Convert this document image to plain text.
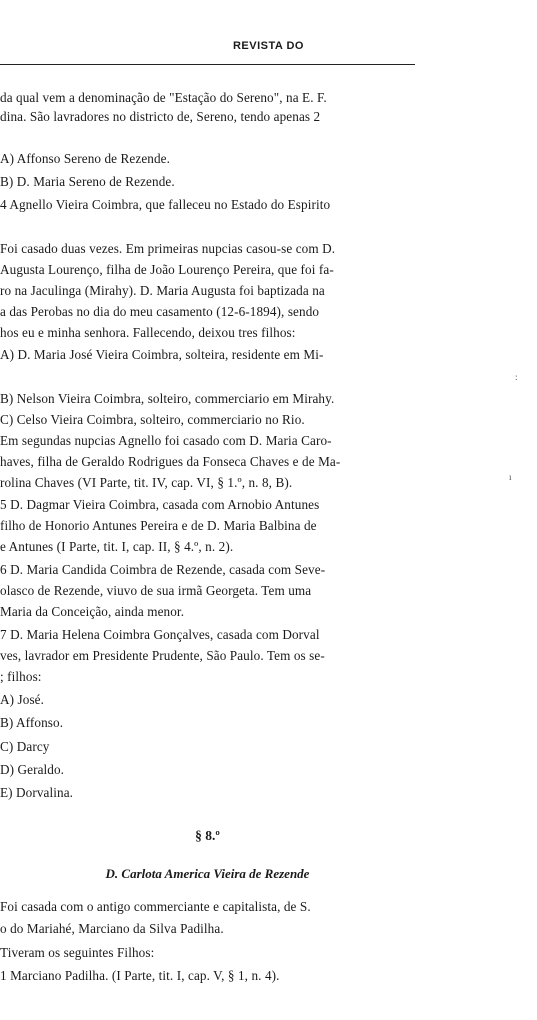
REVISTA DO
da qual vem a denominação de "Estação do Sereno", na E. F.
dina. São lavradores no districto de, Sereno, tendo apenas 2
A) Affonso Sereno de Rezende.
B) D. Maria Sereno de Rezende.
4 Agnello Vieira Coimbra, que falleceu no Estado do Espirito
Foi casado duas vezes. Em primeiras nupcias casou-se com D.
Augusta Lourenço, filha de João Lourenço Pereira, que foi fa-
ro na Jaculinga (Mirahy). D. Maria Augusta foi baptizada na
a das Perobas no dia do meu casamento (12-6-1894), sendo
hos eu e minha senhora. Fallecendo, deixou tres filhos:
A) D. Maria José Vieira Coimbra, solteira, residente em Mi-
B) Nelson Vieira Coimbra, solteiro, commerciario em Mirahy.
C) Celso Vieira Coimbra, solteiro, commerciario no Rio.
Em segundas nupcias Agnello foi casado com D. Maria Caro-
haves, filha de Geraldo Rodrigues da Fonseca Chaves e de Ma-
rolina Chaves (VI Parte, tit. IV, cap. VI, § 1.º, n. 8, B).
5 D. Dagmar Vieira Coimbra, casada com Arnobio Antunes
filho de Honorio Antunes Pereira e de D. Maria Balbina de
e Antunes (I Parte, tit. I, cap. II, § 4.º, n. 2).
6 D. Maria Candida Coimbra de Rezende, casada com Seve-
olasco de Rezende, viuvo de sua irmã Georgeta. Tem uma
Maria da Conceição, ainda menor.
7 D. Maria Helena Coimbra Gonçalves, casada com Dorval
ves, lavrador em Presidente Prudente, São Paulo. Tem os se-
; filhos:
A) José.
B) Affonso.
C) Darcy
D) Geraldo.
E) Dorvalina.
§ 8.º
D. Carlota America Vieira de Rezende
Foi casada com o antigo commerciante e capitalista, de S.
o do Mariahé, Marciano da Silva Padilha.
Tiveram os seguintes Filhos:
1 Marciano Padilha. (I Parte, tit. I, cap. V, § 1, n. 4).
:
ı
